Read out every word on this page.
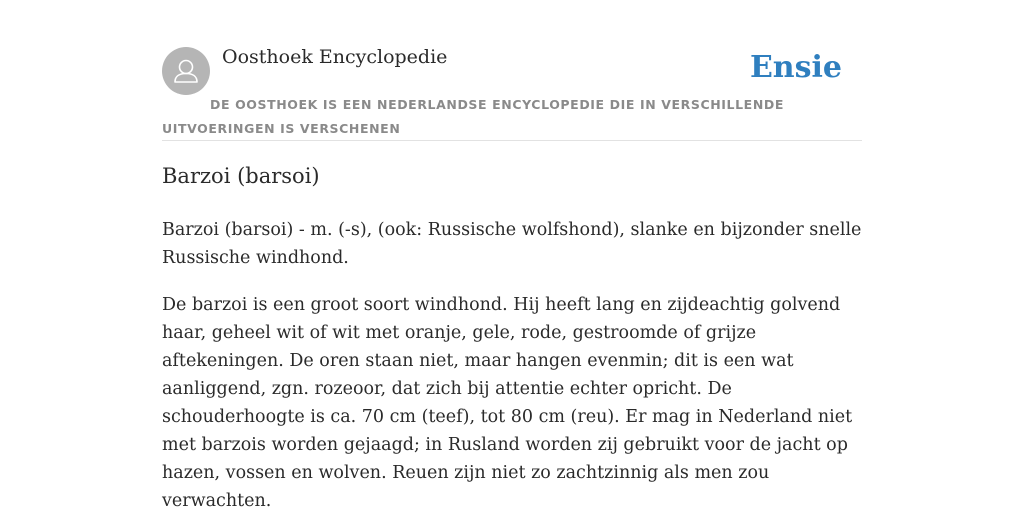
Oosthoek Encyclopedie	Ensie
DE OOSTHOEK IS EEN NEDERLANDSE ENCYCLOPEDIE DIE IN VERSCHILLENDE UITVOERINGEN IS VERSCHENEN
Barzoi (barsoi)

Barzoi (barsoi) - m. (-s), (ook: Russische wolfshond), slanke en bijzonder snelle Russische windhond.

De barzoi is een groot soort windhond. Hij heeft lang en zijdeachtig golvend haar, geheel wit of wit met oranje, gele, rode, gestroomde of grijze aftekeningen. De oren staan niet, maar hangen evenmin; dit is een wat aanliggend, zgn. rozeoor, dat zich bij attentie echter opricht. De schouderhoogte is ca. 70 cm (teef), tot 80 cm (reu). Er mag in Nederland niet met barzois worden gejaagd; in Rusland worden zij gebruikt voor de jacht op hazen, vossen en wolven. Reuen zijn niet zo zachtzinnig als men zou verwachten.
